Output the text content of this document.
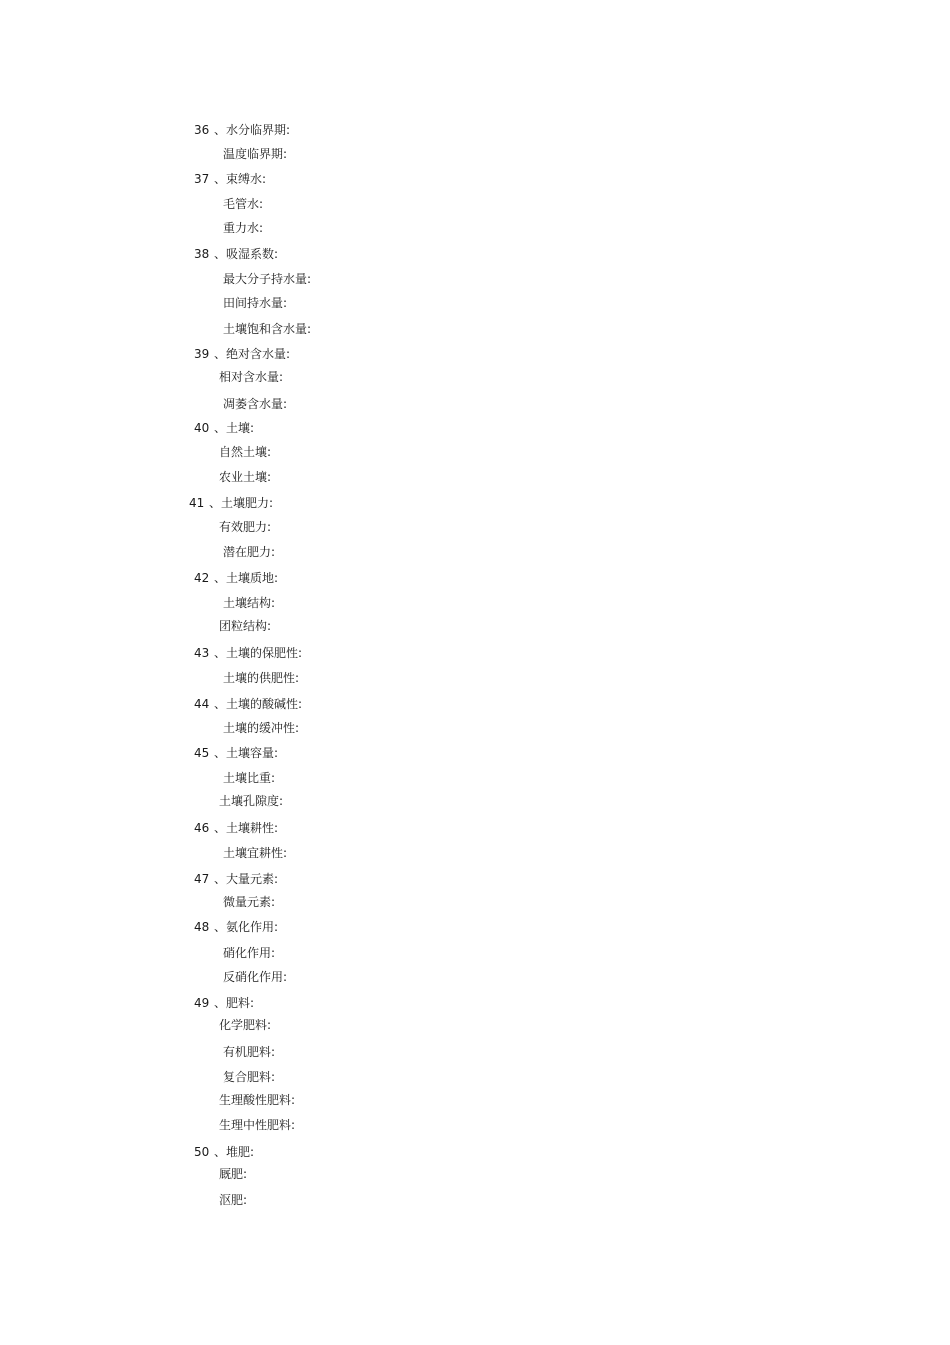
36 、水分临界期:
温度临界期:
37 、束缚水:
毛管水:
重力水:
38 、吸湿系数:
最大分子持水量:
田间持水量:
土壤饱和含水量:
39 、绝对含水量:
相对含水量:
凋萎含水量:
40 、土壤:
自然土壤:
农业土壤:
41 、土壤肥力:
有效肥力:
潜在肥力:
42 、土壤质地:
土壤结构:
团粒结构:
43 、土壤的保肥性:
土壤的供肥性:
44 、土壤的酸碱性:
土壤的缓冲性:
45 、土壤容量:
土壤比重:
土壤孔隙度:
46 、土壤耕性:
土壤宜耕性:
47 、大量元素:
微量元素:
48 、氨化作用:
硝化作用:
反硝化作用:
49 、肥料:
化学肥料:
有机肥料:
复合肥料:
生理酸性肥料:
生理中性肥料:
50 、堆肥:
厩肥:
沤肥:
